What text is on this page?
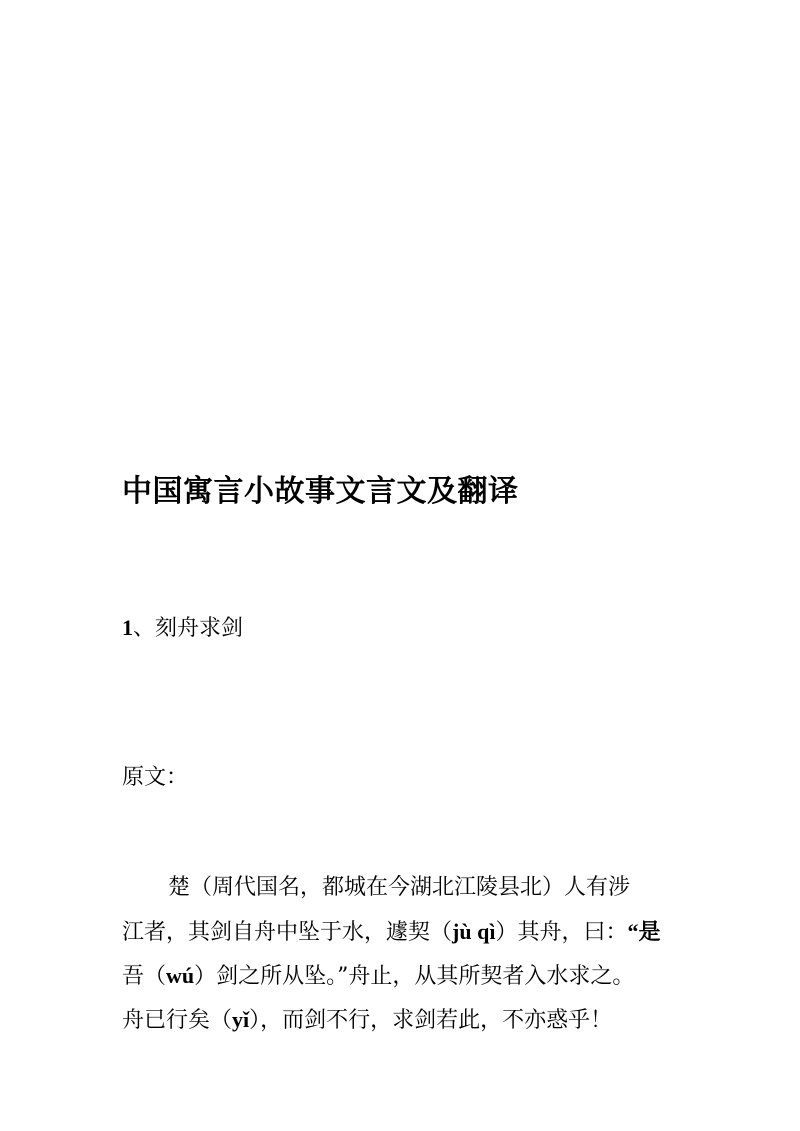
中国寓言小故事文言文及翻译
1、刻舟求剑

原文：

楚（周代国名，都城在今湖北江陵县北）人有涉
江者，其剑自舟中坠于水，遽契（jù qì）其舟，曰：“是
吾（wú）剑之所从坠。”舟止，从其所契者入水求之。
舟已行矣（yǐ），而剑不行，求剑若此，不亦惑乎！
